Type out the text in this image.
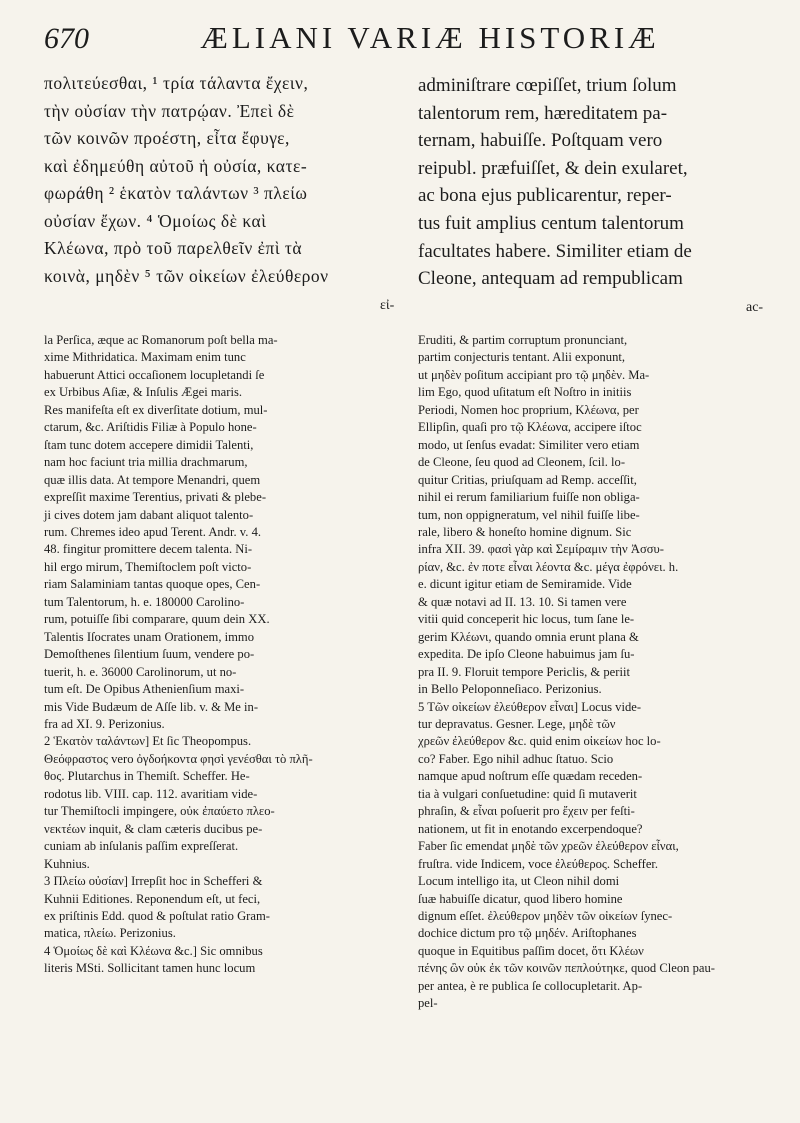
670	ÆLIANI VARIÆ HISTORIÆ
πολιτεύεσθαι, ¹ τρία τάλαντα ἔχειν,
τὴν οὐσίαν τὴν πατρῴαν. Ἐπεὶ δὲ
τῶν κοινῶν προέστη, εἶτα ἔφυγε,
καὶ ἐδημεύθη αὐτοῦ ἡ οὐσία, κατε-
φωράθη ² ἑκατὸν ταλάντων ³ πλείω
οὐσίαν ἔχων. ⁴ Ὁμοίως δὲ καὶ
Κλέωνα, πρὸ τοῦ παρελθεῖν ἐπὶ τὰ
κοινὰ, μηδὲν ⁵ τῶν οἰκείων ἐλεύθερον
εἰ-
adminiſtrare cœpiſſet, trium ſolum
talentorum rem, hæreditatem pa-
ternam, habuiſſe. Poſtquam vero
reipubl. præfuiſſet, & dein exularet,
ac bona ejus publicarentur, reper-
tus fuit amplius centum talentorum
facultates habere. Similiter etiam de
Cleone, antequam ad rempublicam
ac-
la Perſica, æque ac Romanorum poſt bella ma-
xime Mithridatica. Maximam enim tunc
habuerunt Attici occaſionem locupletandi ſe
ex Urbibus Aſiæ, & Inſulis Ægei maris.
Res manifeſta eſt ex diverſitate dotium, mul-
ctarum, &c. Ariſtidis Filiæ à Populo hone-
ſtam tunc dotem accepere dimidii Talenti,
nam hoc faciunt tria millia drachmarum,
quæ illis data. At tempore Menandri, quem
expreſſit maxime Terentius, privati & plebe-
ji cives dotem jam dabant aliquot talento-
rum. Chremes ideo apud Terent. Andr. v. 4.
48. fingitur promittere decem talenta. Ni-
hil ergo mirum, Themiſtoclem poſt victo-
riam Salaminiam tantas quoque opes, Cen-
tum Talentorum, h. e. 180000 Carolino-
rum, potuiſſe ſibi comparare, quum dein XX.
Talentis Iſocrates unam Orationem, immo
Demoſthenes ſilentium ſuum, vendere po-
tuerit, h. e. 36000 Carolinorum, ut no-
tum eſt. De Opibus Athenienſium maxi-
mis Vide Budæum de Aſſe lib. v. & Me in-
fra ad XI. 9. Perizonius.
2 Ἑκατὸν ταλάντων] Et ſic Theopompus.
Θεόφραστος vero ὀγδοήκοντα φησὶ γενέσθαι τὸ πλῆ-
θος. Plutarchus in Themiſt. Scheffer. He-
rodotus lib. VIII. cap. 112. avaritiam vide-
tur Themiſtocli impingere, οὐκ ἐπαύετο πλεο-
νεκτέων inquit, & clam cæteris ducibus pe-
cuniam ab inſulanis paſſim expreſſerat.
Kuhnius.
3 Πλείω οὐσίαν] Irrepſit hoc in Schefferi &
Kuhnii Editiones. Reponendum eſt, ut feci,
ex priſtinis Edd. quod & poſtulat ratio Gram-
matica, πλείω. Perizonius.
4 Ὁμοίως δὲ καὶ Κλέωνα &c.] Sic omnibus
literis MSti. Sollicitant tamen hunc locum
Eruditi, & partim corruptum pronunciant,
partim conjecturis tentant. Alii exponunt,
ut μηδὲν poſitum accipiant pro τῷ μηδὲν. Ma-
lim Ego, quod uſitatum eſt Noſtro in initiis
Periodi, Nomen hoc proprium, Κλέωνα, per
Ellipſin, quaſi pro τῷ Κλέωνα, accipere iſtoc
modo, ut ſenſus evadat: Similiter vero etiam
de Cleone, ſeu quod ad Cleonem, ſcil. lo-
quitur Critias, priuſquam ad Remp. acceſſit,
nihil ei rerum familiarium fuiſſe non obliga-
tum, non oppigneratum, vel nihil fuiſſe libe-
rale, libero & honeſto homine dignum. Sic
infra XII. 39. φασὶ γὰρ καὶ Σεμίραμιν τὴν Ἀσσυ-
ρίαν, &c. ἐν ποτε εἶναι λέοντα &c. μέγα ἐφρόνει. h.
e. dicunt igitur etiam de Semiramide. Vide
& quæ notavi ad II. 13. 10. Si tamen vere
vitii quid conceperit hic locus, tum ſane le-
gerim Κλέωνι, quando omnia erunt plana &
expedita. De ipſo Cleone habuimus jam ſu-
pra II. 9. Floruit tempore Periclis, & periit
in Bello Peloponneſiaco. Perizonius.
5 Τῶν οἰκείων ἐλεύθερον εἶναι] Locus vide-
tur depravatus. Gesner. Lege, μηδὲ τῶν
χρεῶν ἐλεύθερον &c. quid enim οἰκείων hoc lo-
co? Faber. Ego nihil adhuc ſtatuo. Scio
namque apud noſtrum eſſe quædam receden-
tia à vulgari conſuetudine: quid ſi mutaverit
phraſin, & εἶναι poſuerit pro ἔχειν per feſti-
nationem, ut fit in enotando excerpendoque?
Faber ſic emendat μηδὲ τῶν χρεῶν ἐλεύθερον εἶναι,
fruſtra. vide Indicem, voce ἐλεύθερος. Scheffer.
Locum intelligo ita, ut Cleon nihil domi
ſuæ habuiſſe dicatur, quod libero homine
dignum eſſet. ἐλεύθερον μηδὲν τῶν οἰκείων ſynec-
dochice dictum pro τῷ μηδέν. Ariſtophanes
quoque in Equitibus paſſim docet, ὅτι Κλέων
πένης ὢν οὐκ ἐκ τῶν κοινῶν πεπλούτηκε, quod Cleon pau-
per antea, è re publica ſe collocupletarit. Ap-
pel-
